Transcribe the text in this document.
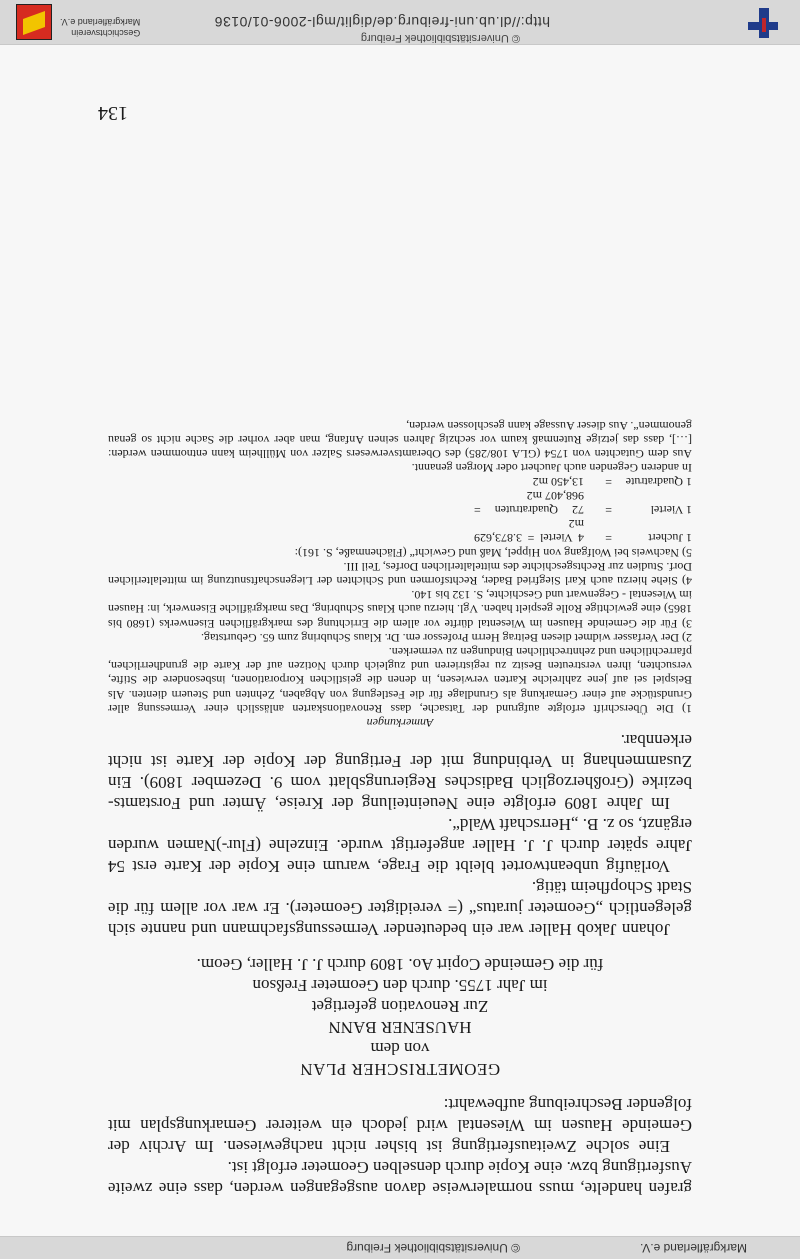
© Universitätsbibliothek Freiburg	Markgräflerland e.V.

grafen handelte, muss normalerweise davon ausgegangen werden, dass eine zweite Ausfertigung bzw. eine Kopie durch denselben Geometer erfolgt ist.

Eine solche Zweitausfertigung ist bisher nicht nachgewiesen. Im Archiv der Gemeinde Hausen im Wiesental wird jedoch ein weiterer Gemarkungsplan mit folgender Beschreibung aufbewahrt:

GEOMETRISCHER PLAN

von dem

HAUSENER BANN

Zur Renovation gefertiget

im Jahr 1755. durch den Geometer Freßson

für die Gemeinde Copirt Ao. 1809 durch J. J. Haller, Geom.

Johann Jakob Haller war ein bedeutender Vermessungsfachmann und nannte sich gelegentlich „Geometer juratus“ (= vereidigter Geometer). Er war vor allem für die Stadt Schopfheim tätig.

Vorläufig unbeantwortet bleibt die Frage, warum eine Kopie der Karte erst 54 Jahre später durch J. J. Haller angefertigt wurde. Einzelne (Flur-)Namen wurden ergänzt, so z. B. „Herrschaft Wald“.

Im Jahre 1809 erfolgte eine Neueinteilung der Kreise, Ämter und Forstamts-bezirke (Großherzoglich Badisches Regierungsblatt vom 9. Dezember 1809). Ein Zusammenhang in Verbindung mit der Fertigung der Kopie der Karte ist nicht erkennbar.

Anmerkungen

1) Die Überschrift erfolgte aufgrund der Tatsache, dass Renovationskarten anlässlich einer Vermessung aller Grundstücke auf einer Gemarkung als Grundlage für die Festlegung von Abgaben, Zehnten und Steuern dienten. Als Beispiel sei auf jene zahlreiche Karten verwiesen, in denen die geistlichen Korporationen, insbesondere die Stifte, versuchten, ihren verstreuten Besitz zu registrieren und zugleich durch Notizen auf der Karte die grundherrlichen, pfarrechtlichen und zehntrechtlichen Bindungen zu vermerken.

2) Der Verfasser widmet diesen Beitrag Herrn Professor em. Dr. Klaus Schubring zum 65. Geburtstag.

3) Für die Gemeinde Hausen im Wiesental dürfte vor allem die Errichtung des markgräflichen Eisenwerks (1680 bis 1865) eine gewichtige Rolle gespielt haben. Vgl. hierzu auch Klaus Schubring, Das markgräfliche Eisenwerk, in: Hausen im Wiesental - Gegenwart und Geschichte, S. 132 bis 140.

4) Siehe hierzu auch Karl Siegfried Bader, Rechtsformen und Schichten der Liegenschaftsnutzung im mittelalterlichen Dorf. Studien zur Rechtsgeschichte des mittelalterlichen Dorfes, Teil III.

5) Nachweis bei Wolfgang von Hippel, Maß und Gewicht“ (Flächenmaße, S. 161):

1 Juchert
=
4 Viertel = 3.873,629 m2
1 Viertel
=
72 Quadratruten = 968,407 m2
1 Quadratrute
=
13,450 m2

In anderen Gegenden auch Jauchert oder Morgen genannt.

Aus dem Gutachten von 1754 (GLA 108/285) des Oberamtsverwesers Salzer von Müllheim kann entnommen werden: […], dass das jetzige Rutenmaß kaum vor sechzig Jahren seinen Anfang, man aber vorher die Sache nicht so genau genommen“. Aus dieser Aussage kann geschlossen werden,

134
© Universitätsbibliothek Freiburg
http://dl.ub.uni-freiburg.de/diglit/mgl-2006-01/0136
Geschichtsverein
Markgräflerland e.V.
